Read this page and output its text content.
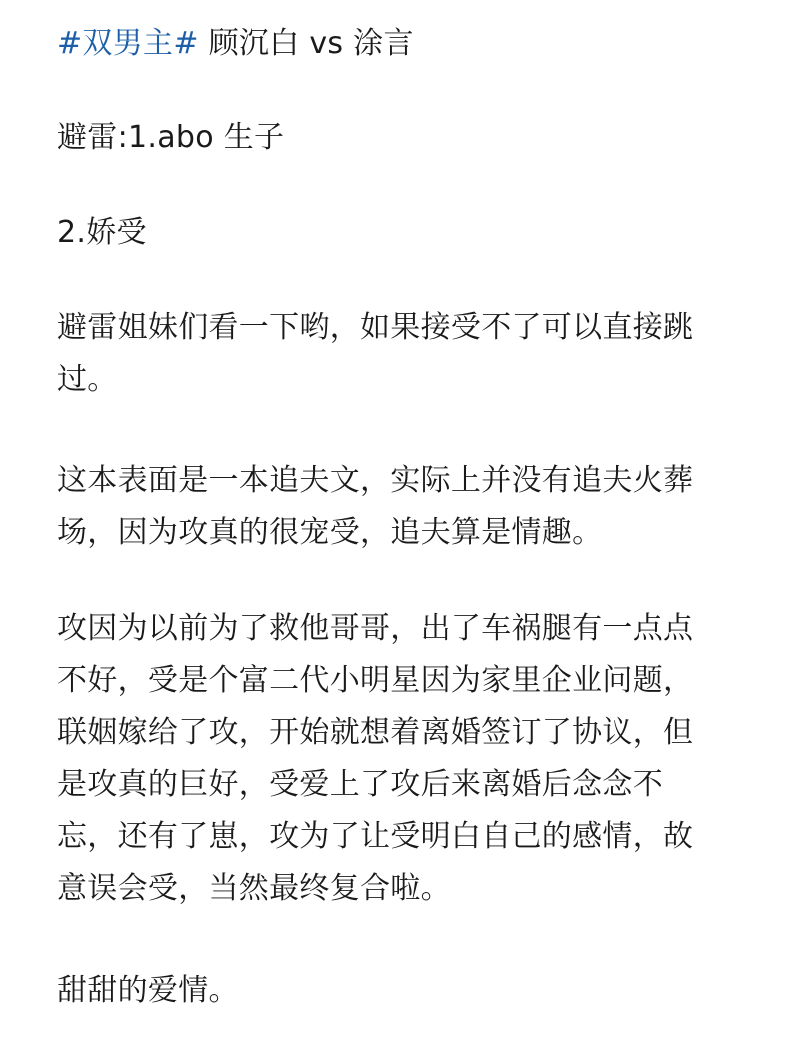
#双男主# 顾沉白 vs 涂言

避雷:1.abo 生子

2.娇受

避雷姐妹们看一下哟，如果接受不了可以直接跳
过。

这本表面是一本追夫文，实际上并没有追夫火葬
场，因为攻真的很宠受，追夫算是情趣。

攻因为以前为了救他哥哥，出了车祸腿有一点点
不好，受是个富二代小明星因为家里企业问题，
联姻嫁给了攻，开始就想着离婚签订了协议，但
是攻真的巨好，受爱上了攻后来离婚后念念不
忘，还有了崽，攻为了让受明白自己的感情，故
意误会受，当然最终复合啦。

甜甜的爱情。
